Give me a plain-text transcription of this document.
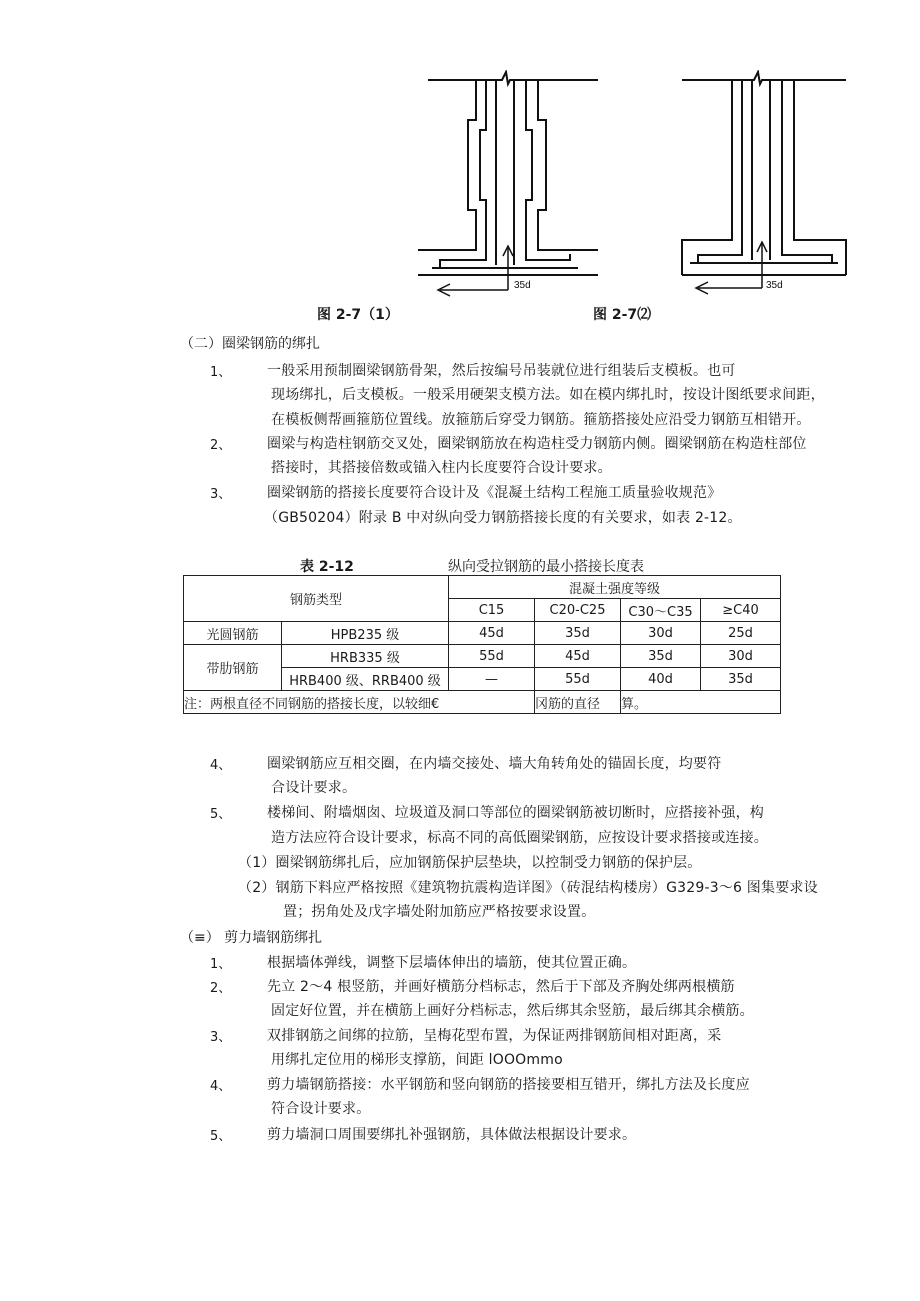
35d	35d
图 2-7（1）	图 2-7⑵
（二）圈梁钢筋的绑扎
1、	一般采用预制圈梁钢筋骨架，然后按编号吊装就位进行组装后支模板。也可
现场绑扎，后支模板。一般采用硬架支模方法。如在模内绑扎时，按设计图纸要求间距，
在模板侧帮画箍筋位置线。放箍筋后穿受力钢筋。箍筋搭接处应沿受力钢筋互相错开。
2、	圈梁与构造柱钢筋交叉处，圈梁钢筋放在构造柱受力钢筋内侧。圈梁钢筋在构造柱部位
搭接时，其搭接倍数或锚入柱内长度要符合设计要求。
3、	圈梁钢筋的搭接长度要符合设计及《混凝土结构工程施工质量验收规范》
（GB50204）附录 B 中对纵向受力钢筋搭接长度的有关要求，如表 2-12。
表 2-12	纵向受拉钢筋的最小搭接长度表
钢筋类型		混凝土强度等级			
		C15	C20-C25	C30～C35	≥C40
光圆钢筋	HPB235 级	45d	35d	30d	25d
带肋钢筋	HRB335 级	55d	45d	35d	30d
	HRB400 级、RRB400 级	—	55d	40d	35d
注：两根直径不同钢筋的搭接长度，以较细€			冈筋的直径	算。	
4、	圈梁钢筋应互相交圈，在内墙交接处、墙大角转角处的锚固长度，均要符
合设计要求。
5、	楼梯间、附墙烟囱、垃圾道及洞口等部位的圈梁钢筋被切断时，应搭接补强，构
造方法应符合设计要求，标高不同的高低圈梁钢筋，应按设计要求搭接或连接。
（1）圈梁钢筋绑扎后，应加钢筋保护层垫块，以控制受力钢筋的保护层。
（2）钢筋下料应严格按照《建筑物抗震构造详图》（砖混结构楼房）G329-3～6 图集要求设
置；拐角处及戊字墙处附加筋应严格按要求设置。
（≡） 剪力墙钢筋绑扎
1、	根据墙体弹线，调整下层墙体伸出的墙筋，使其位置正确。
2、	先立 2～4 根竖筋，并画好横筋分档标志，然后于下部及齐胸处绑两根横筋
固定好位置，并在横筋上画好分档标志，然后绑其余竖筋，最后绑其余横筋。
3、	双排钢筋之间绑的拉筋，呈梅花型布置，为保证两排钢筋间相对距离，采
用绑扎定位用的梯形支撑筋，间距 lOOOmmo
4、	剪力墙钢筋搭接：水平钢筋和竖向钢筋的搭接要相互错开，绑扎方法及长度应
符合设计要求。
5、	剪力墙洞口周围要绑扎补强钢筋，具体做法根据设计要求。
